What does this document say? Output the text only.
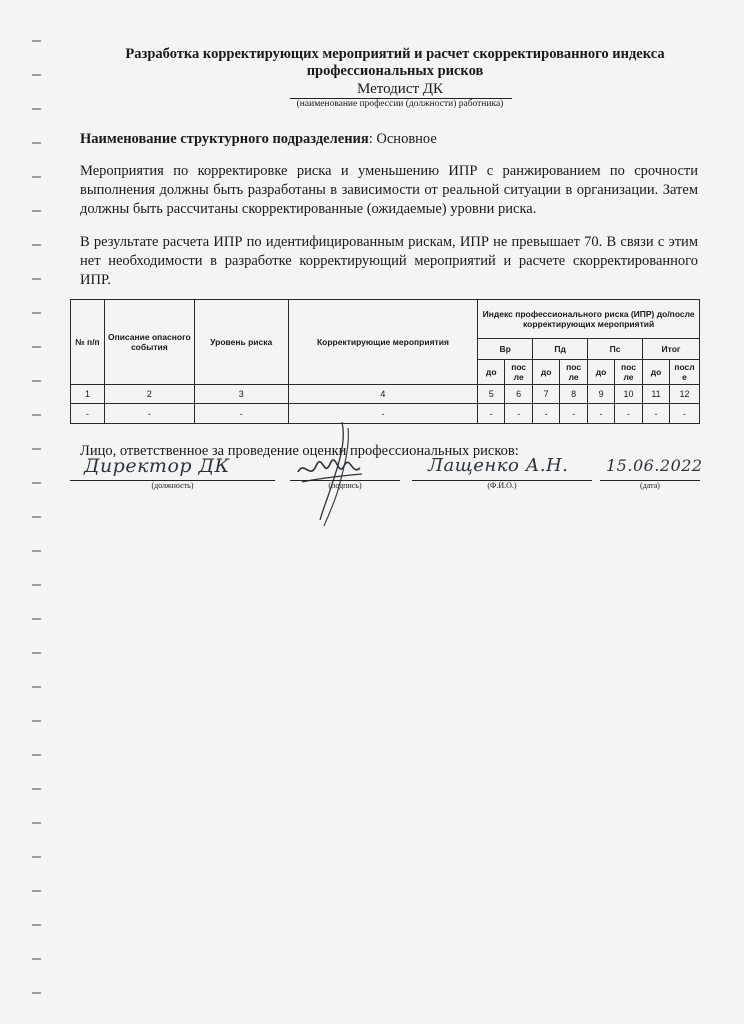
Разработка корректирующих мероприятий и расчет скорректированного индекса
профессиональных рисков
Методист ДК
(наименование профессии (должности) работника)
Наименование структурного подразделения: Основное
Мероприятия по корректировке риска и уменьшению ИПР с ранжированием по срочности выполнения должны быть разработаны в зависимости от реальной ситуации в организации. Затем должны быть рассчитаны скорректированные (ожидаемые) уровни риска.
В результате расчета ИПР по идентифицированным рискам, ИПР не превышает 70. В связи с этим нет необходимости в разработке корректирующий мероприятий и расчете скорректированного ИПР.
№ п/п	Описание опасного события	Уровень риска	Корректирующие мероприятия	Индекс профессионального риска (ИПР) до/после корректирующих мероприятий							
				Вр		Пд		Пс		Итог	
				до	пос ле	до	пос ле	до	пос ле	до	посл е
1	2	3	4	5	6	7	8	9	10	11	12
-	-	-	-	-	-	-	-	-	-	-	-
Лицо, ответственное за проведение оценки профессиональных рисков:
Директор ДК	Лащенко А.Н. 15.06.2022
(должность)	(подпись)	(Ф.И.О.)	(дата)
